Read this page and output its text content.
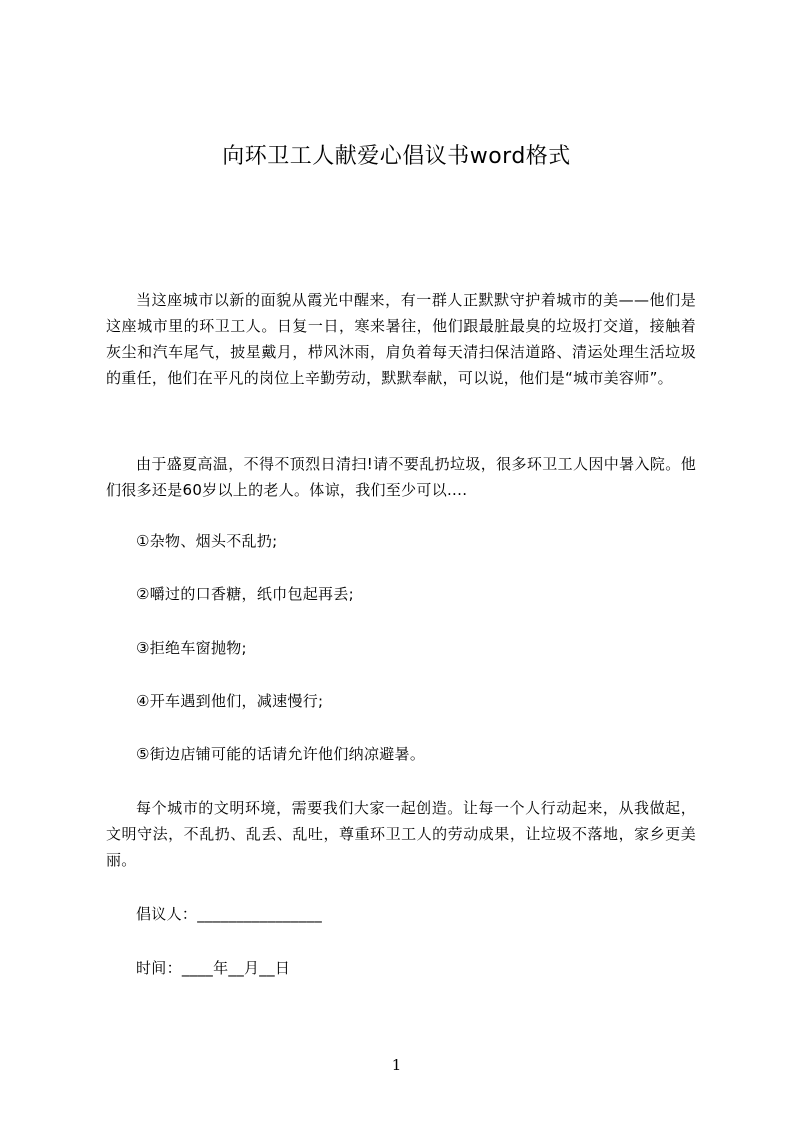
向环卫工人献爱心倡议书word格式
当这座城市以新的面貌从霞光中醒来，有一群人正默默守护着城市的美——他们是这座城市里的环卫工人。日复一日，寒来暑往，他们跟最脏最臭的垃圾打交道，接触着灰尘和汽车尾气，披星戴月，栉风沐雨，肩负着每天清扫保洁道路、清运处理生活垃圾的重任，他们在平凡的岗位上辛勤劳动，默默奉献，可以说，他们是“城市美容师”。
由于盛夏高温，不得不顶烈日清扫!请不要乱扔垃圾，很多环卫工人因中暑入院。他们很多还是60岁以上的老人。体谅，我们至少可以....
①杂物、烟头不乱扔;
②嚼过的口香糖，纸巾包起再丢;
③拒绝车窗抛物;
④开车遇到他们，减速慢行;
⑤街边店铺可能的话请允许他们纳凉避暑。
每个城市的文明环境，需要我们大家一起创造。让每一个人行动起来，从我做起，文明守法，不乱扔、乱丢、乱吐，尊重环卫工人的劳动成果，让垃圾不落地，家乡更美丽。
倡议人：________________
时间：____年__月__日
1
